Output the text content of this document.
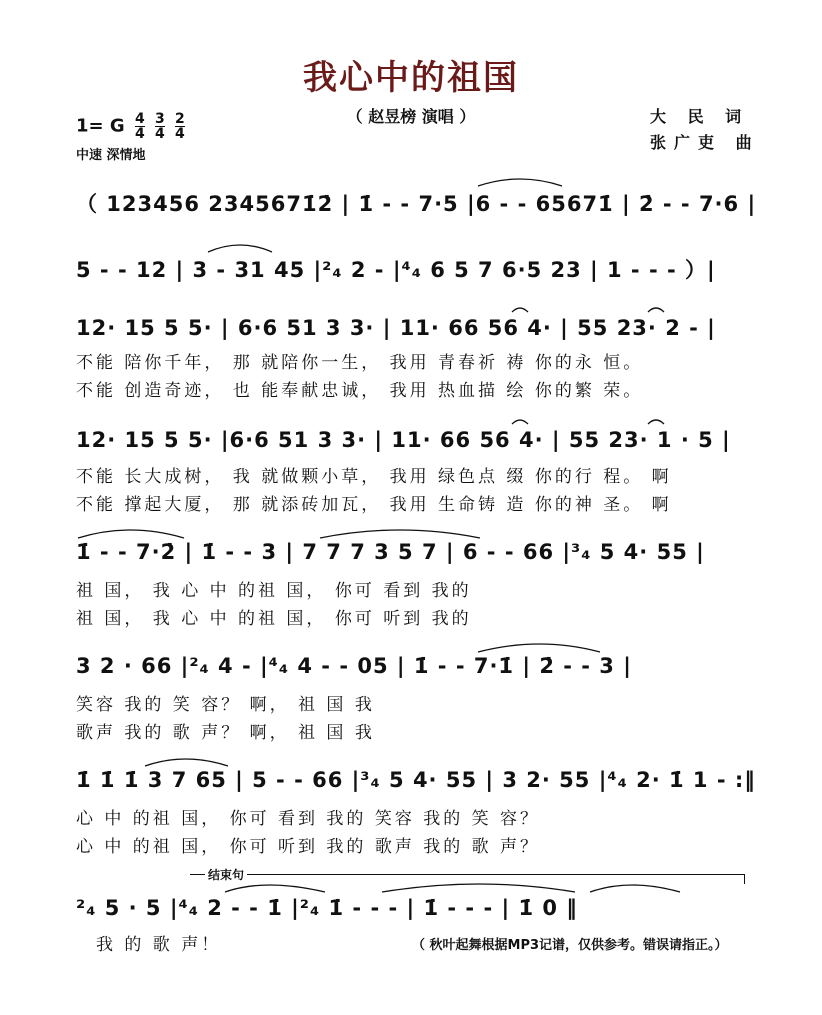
我心中的祖国
（ 赵昱榜 演唱 ）	大 民 词
张广吏 曲
1= G $\frac{4}{4}$
$\frac{3}{4}$
$\frac{2}{4}$
中速 深情地
（ 123456 2345671̇2̇ | 1̇ - - 7·5 |6 - - 65671̇ | 2̇ - - 7·6 |
5 - - 12 | 3 - 31 45 |²₄ 2 - |⁴₄ 6 5 7 6·5 23 | 1 - - - ）|
12· 15 5 5· | 6·6 51 3 3· | 11· 66 56 4· | 55 23· 2 - |
不能 陪你千年， 那 就陪你一生， 我用 青春祈 祷 你的永 恒。
不能 创造奇迹， 也 能奉献忠诚， 我用 热血描 绘 你的繁 荣。
12· 15 5 5· |6·6 51 3 3· | 11· 66 56 4· | 55 23· 1 · 5 |
不能 长大成树， 我 就做颗小草， 我用 绿色点 缀 你的行 程。 啊
不能 撑起大厦， 那 就添砖加瓦， 我用 生命铸 造 你的神 圣。 啊
1̇ - - 7·2̇ | 1̇ - - 3 | 7 7 7 3 5 7 | 6 - - 66 |³₄ 5 4· 55 |
祖 国， 我 心 中 的祖 国， 你可 看到 我的
祖 国， 我 心 中 的祖 国， 你可 听到 我的
3 2 · 66 |²₄ 4 - |⁴₄ 4 - - 05 | 1̇ - - 7·1̇ | 2̇ - - 3 |
笑容 我的 笑 容？ 啊， 祖 国 我
歌声 我的 歌 声？ 啊， 祖 国 我
1̇ 1̇ 1̇ 3 7 65 | 5 - - 66 |³₄ 5 4· 55 | 3 2· 55 |⁴₄ 2· 1̇ 1 - :‖
心 中 的祖 国， 你可 看到 我的 笑容 我的 笑 容？
心 中 的祖 国， 你可 听到 我的 歌声 我的 歌 声？
结束句
²₄ 5 · 5 |⁴₄ 2 - - 1̇ |²₄ 1̇ - - - | 1̇ - - - | 1̇ 0 ‖
我 的 歌 声！	（ 秋叶起舞根据MP3记谱，仅供参考。错误请指正。）
